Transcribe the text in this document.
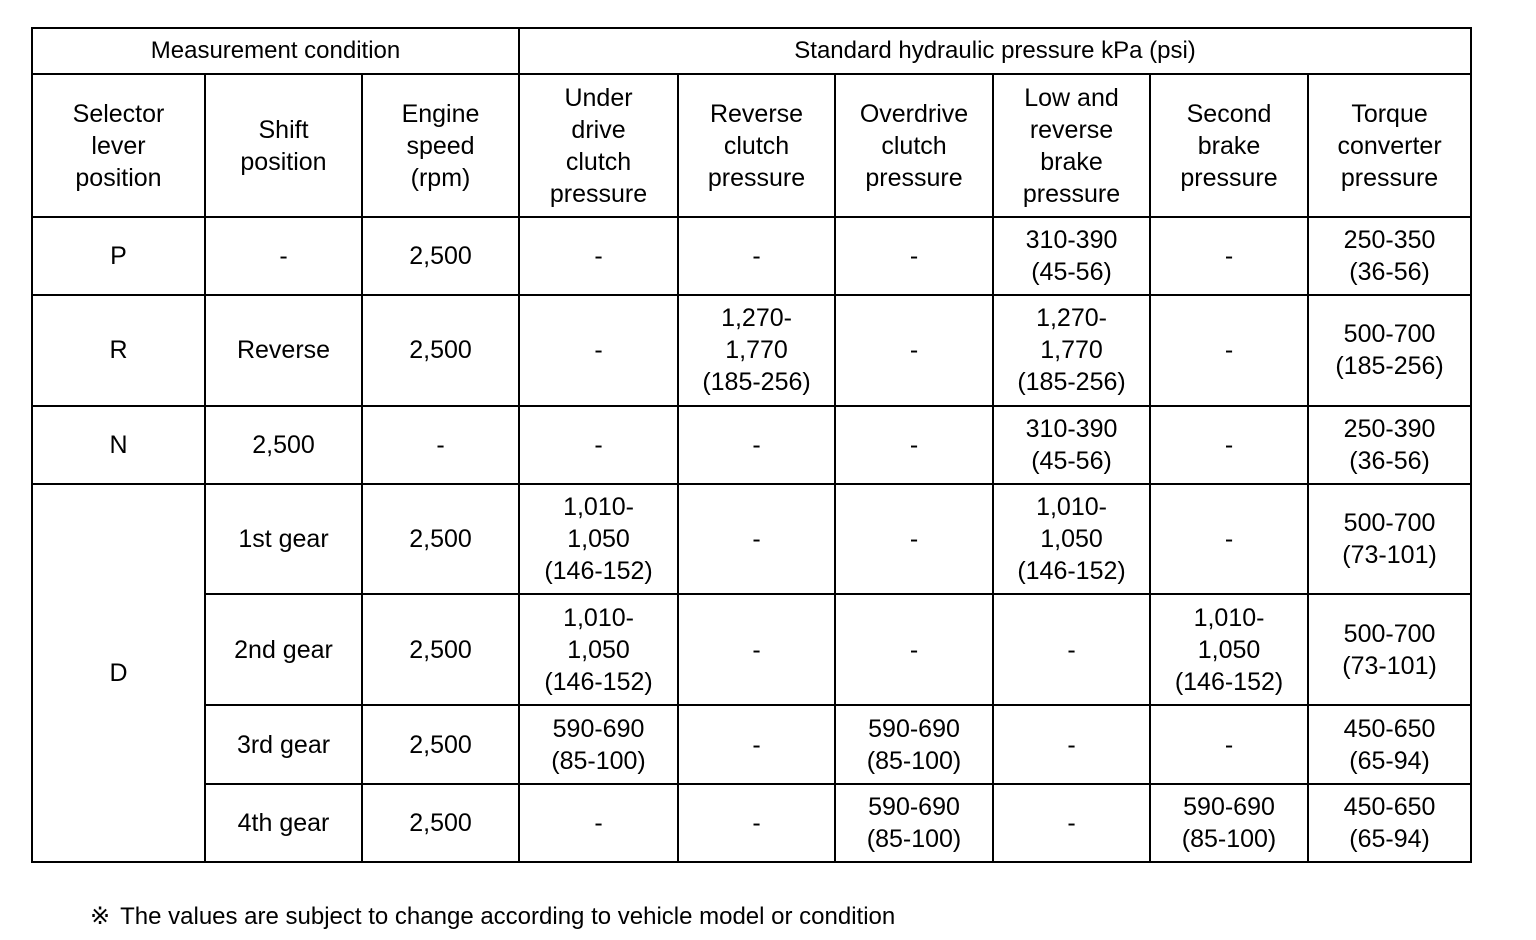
Measurement condition			Standard hydraulic pressure kPa (psi)					
Selector
lever
position	Shift
position	Engine
speed
(rpm)	Under
drive
clutch
pressure	Reverse
clutch
pressure	Overdrive
clutch
pressure	Low and
reverse
brake
pressure	Second
brake
pressure	Torque
converter
pressure
P	-	2,500	-	-	-	310-390
(45-56)	-	250-350
(36-56)
R	Reverse	2,500	-	1,270-
1,770
(185-256)	-	1,270-
1,770
(185-256)	-	500-700
(185-256)
N	2,500	-	-	-	-	310-390
(45-56)	-	250-390
(36-56)
D	1st gear	2,500	1,010-
1,050
(146-152)	-	-	1,010-
1,050
(146-152)	-	500-700
(73-101)
	2nd gear	2,500	1,010-
1,050
(146-152)	-	-	-	1,010-
1,050
(146-152)	500-700
(73-101)
	3rd gear	2,500	590-690
(85-100)	-	590-690
(85-100)	-	-	450-650
(65-94)
	4th gear	2,500	-	-	590-690
(85-100)	-	590-690
(85-100)	450-650
(65-94)
※ The values are subject to change according to vehicle model or condition
